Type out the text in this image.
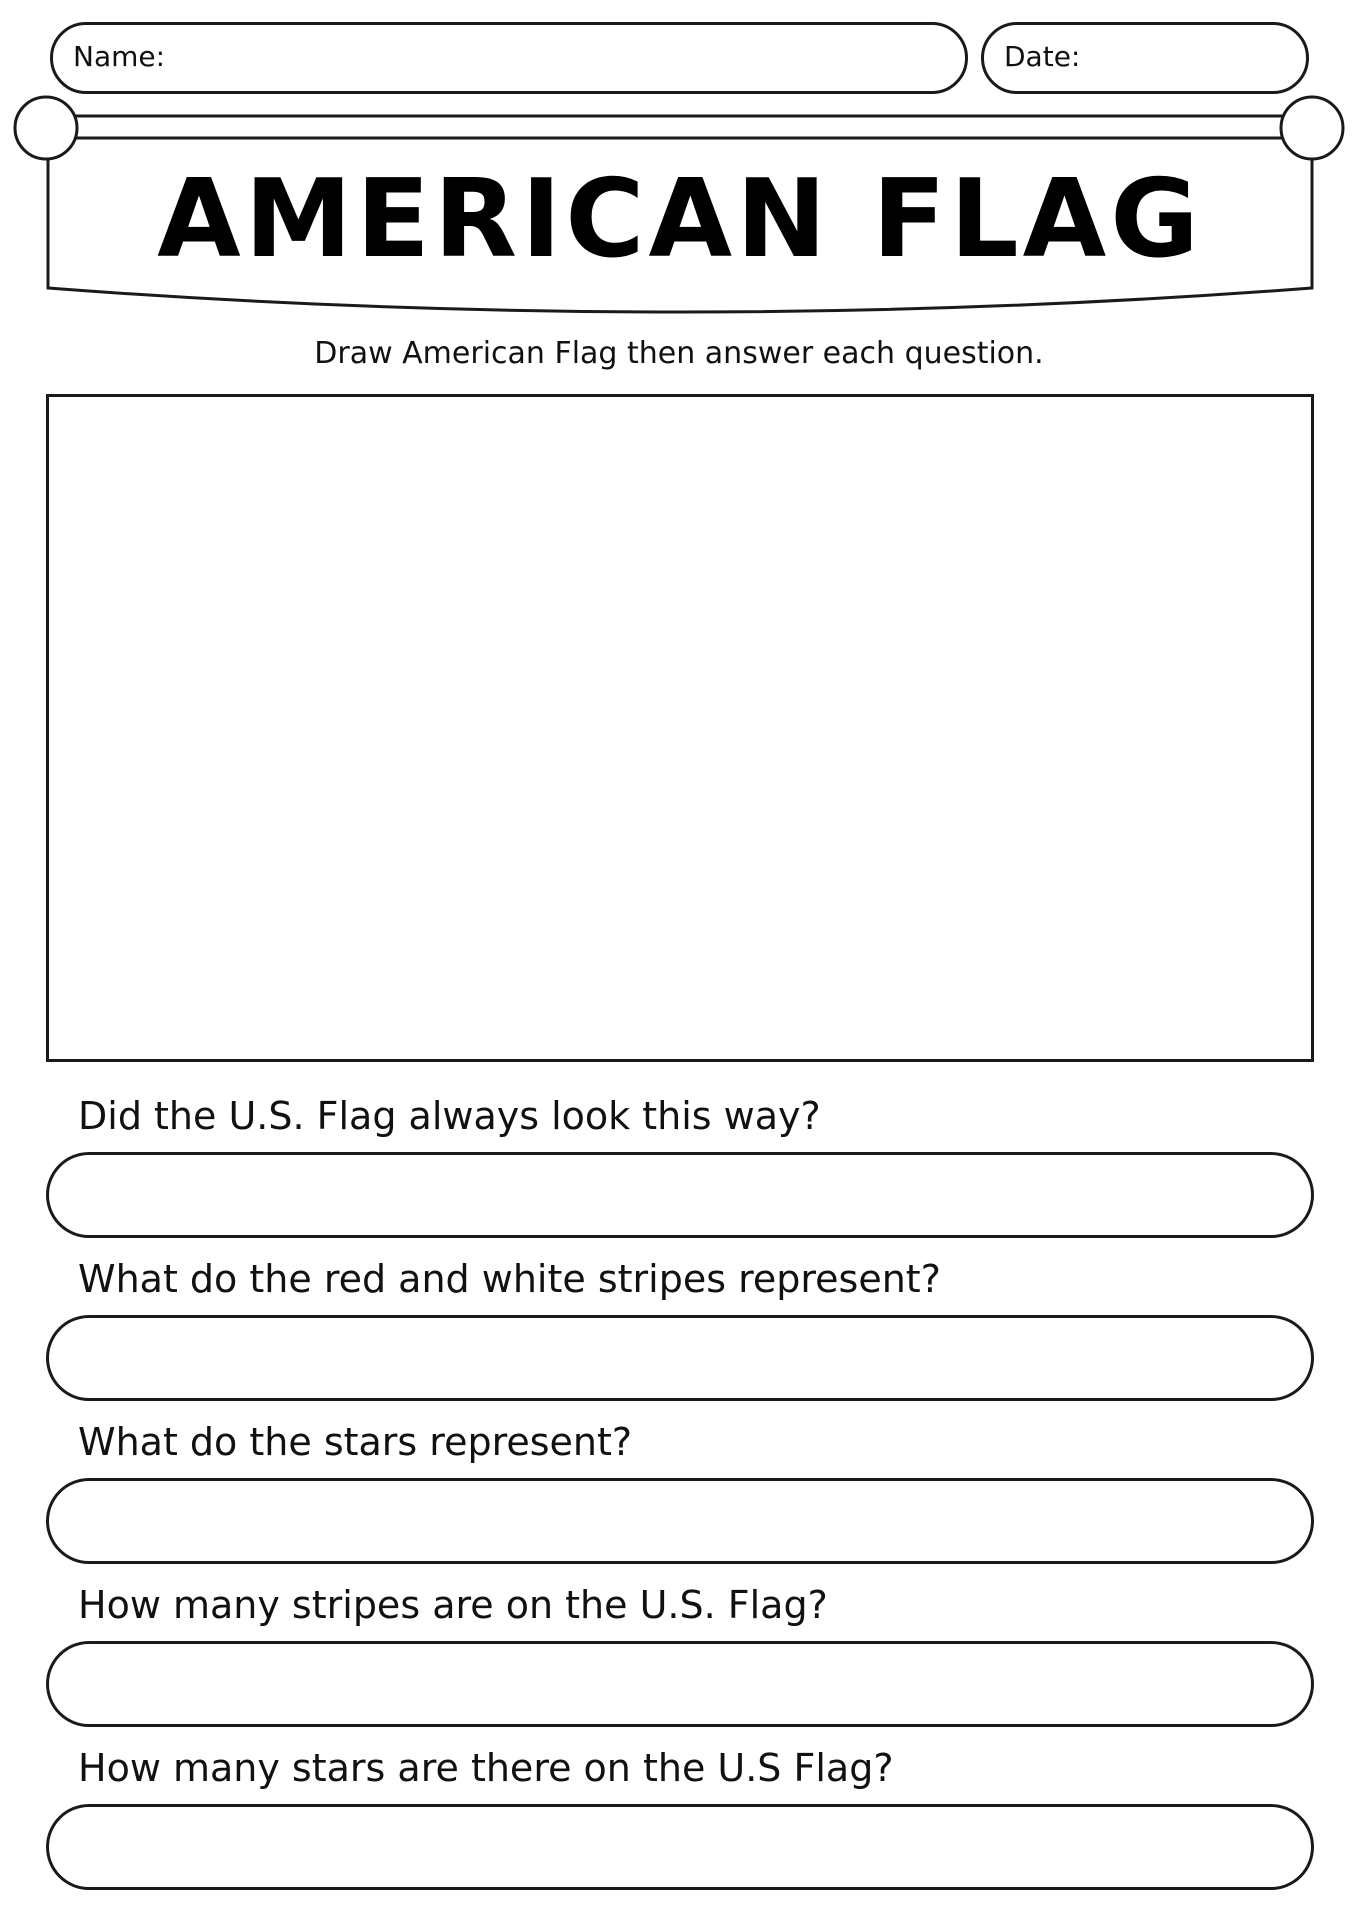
Name:	Date:
AMERICAN FLAG
Draw American Flag then answer each question.
Did the U.S. Flag always look this way?
What do the red and white stripes represent?
What do the stars represent?
How many stripes are on the U.S. Flag?
How many stars are there on the U.S Flag?
